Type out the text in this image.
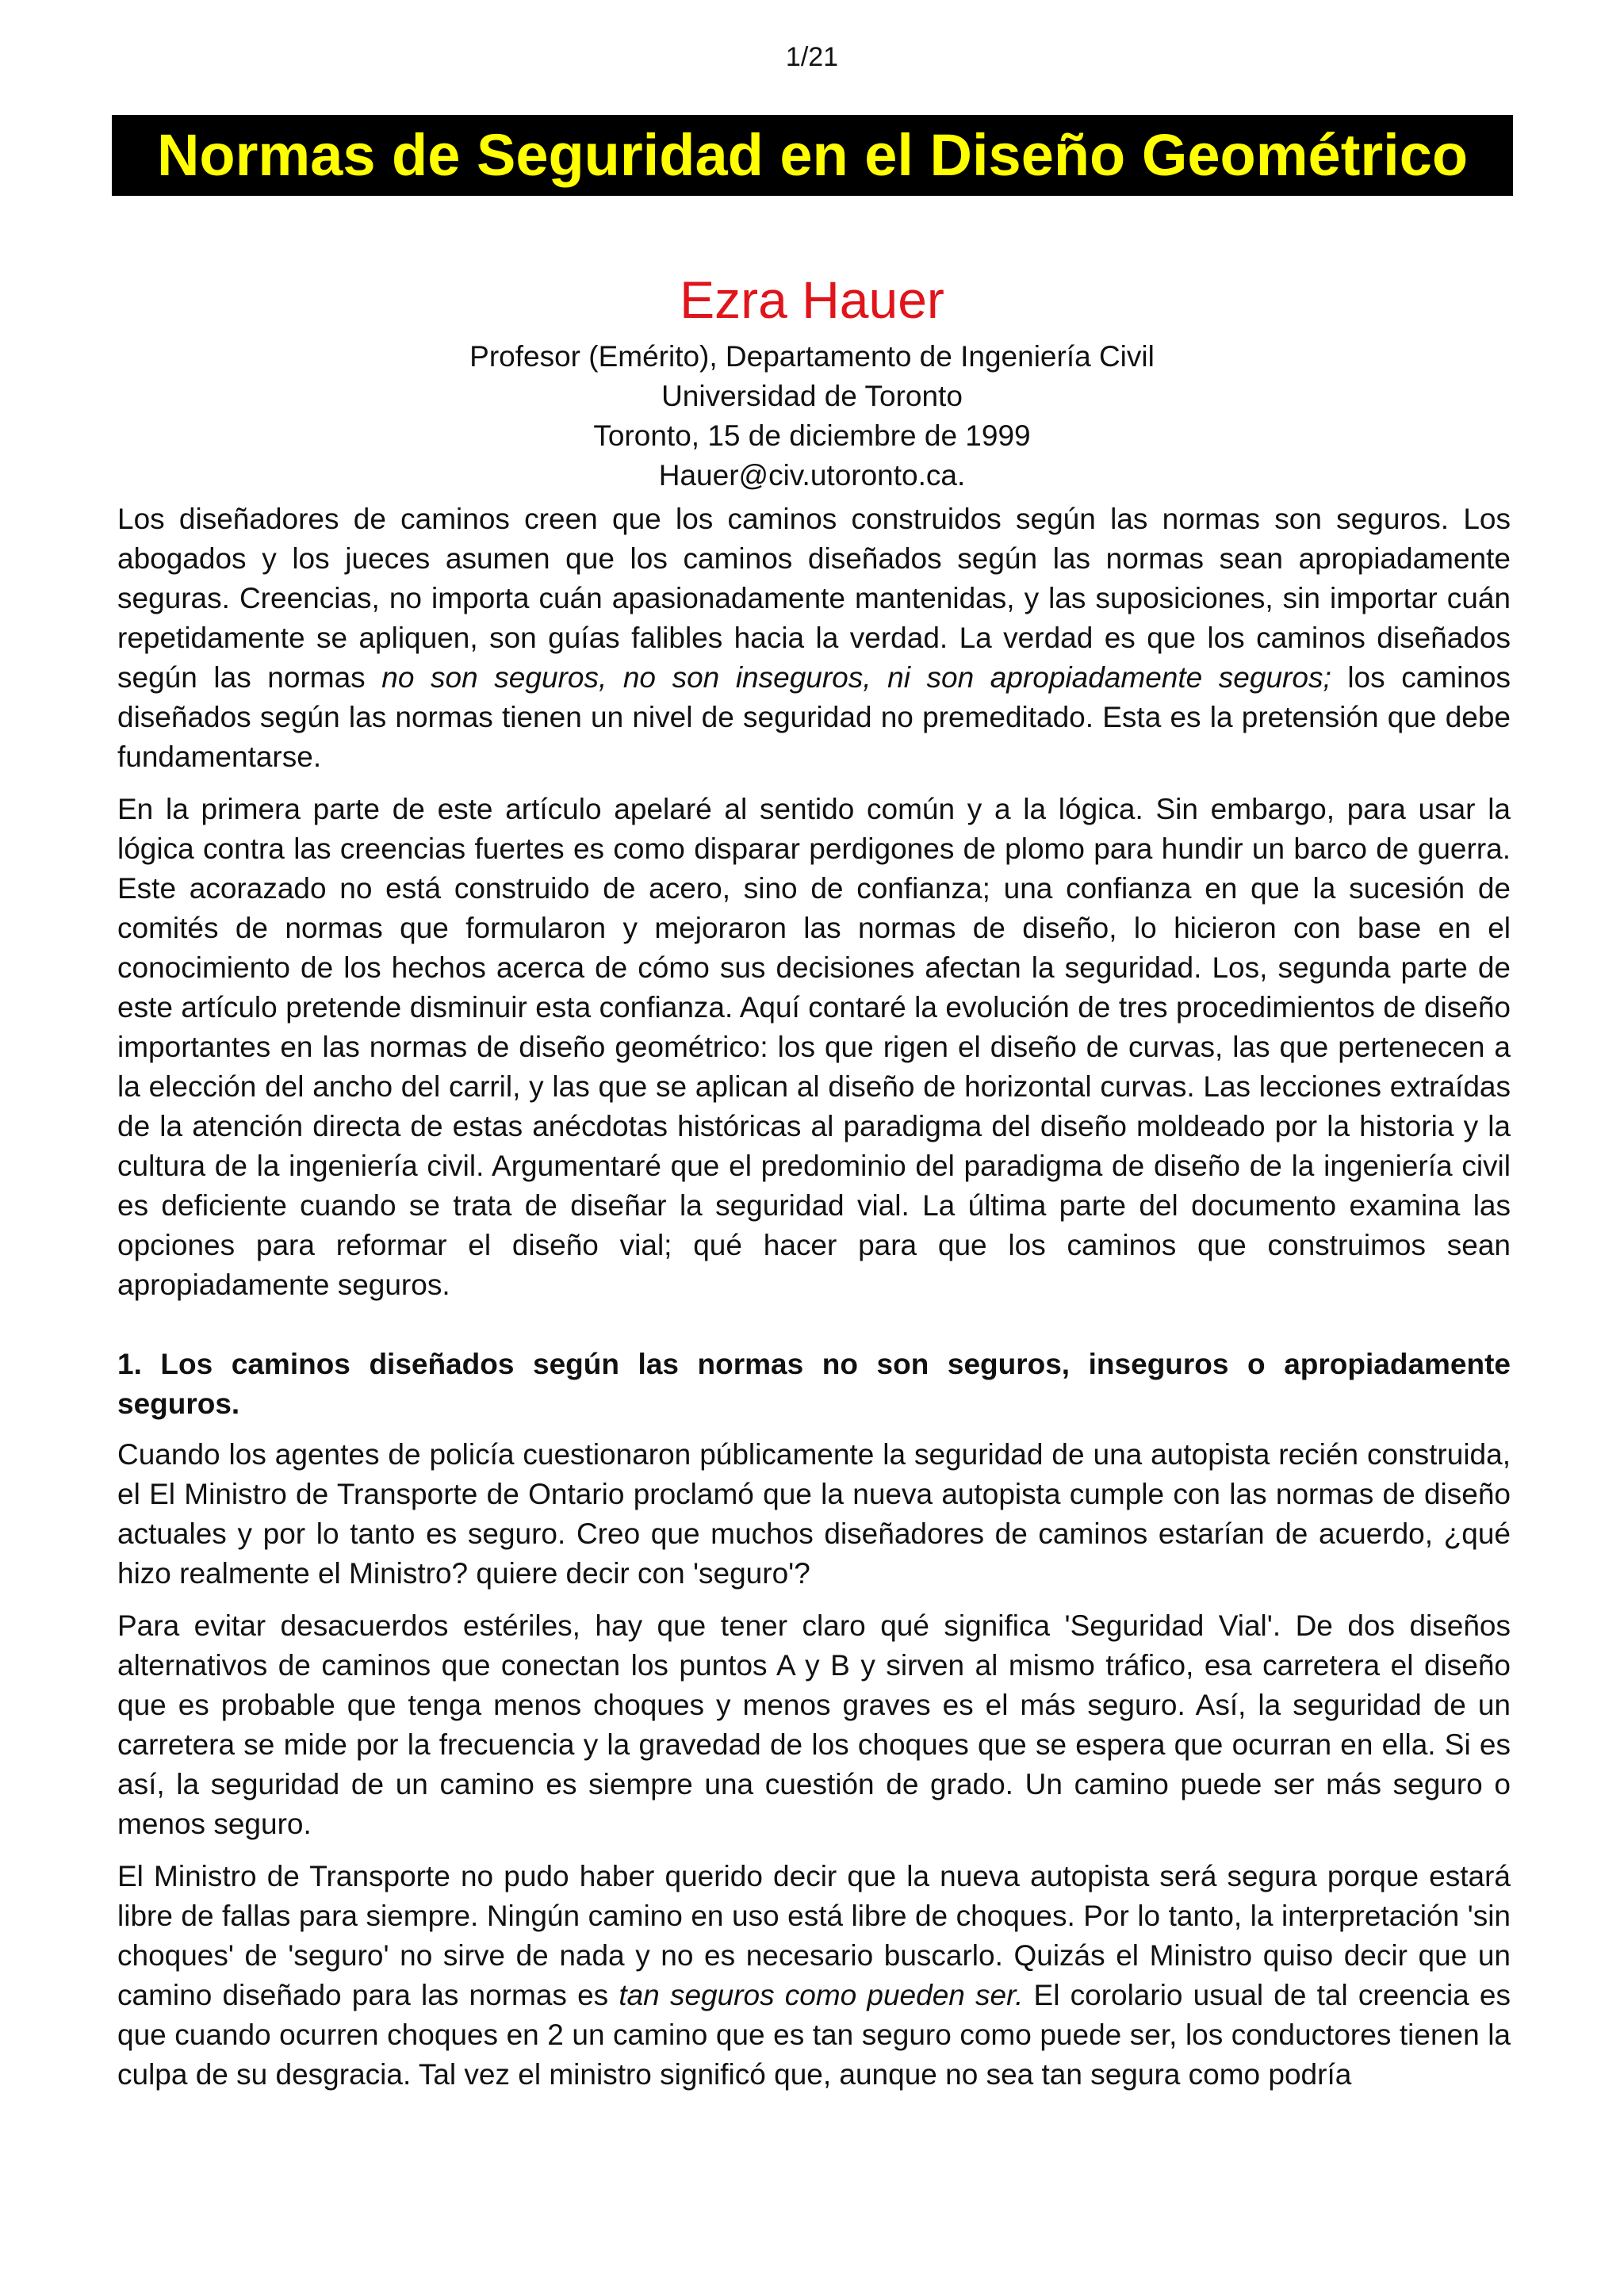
1/21
Normas de Seguridad en el Diseño Geométrico
Ezra Hauer
Profesor (Emérito), Departamento de Ingeniería Civil
Universidad de Toronto
Toronto, 15 de diciembre de 1999
Hauer@civ.utoronto.ca.

Los diseñadores de caminos creen que los caminos construidos según las normas son seguros. Los abogados y los jueces asumen que los caminos diseñados según las normas sean apropiadamente seguras. Creencias, no importa cuán apasionadamente mantenidas, y las suposiciones, sin importar cuán repetidamente se apliquen, son guías falibles hacia la verdad. La verdad es que los caminos diseñados según las normas no son seguros, no son inseguros, ni son apropiadamente seguros; los caminos diseñados según las normas tienen un nivel de seguridad no premeditado. Esta es la pretensión que debe fundamentarse.

En la primera parte de este artículo apelaré al sentido común y a la lógica. Sin embargo, para usar la lógica contra las creencias fuertes es como disparar perdigones de plomo para hundir un barco de guerra. Este acorazado no está construido de acero, sino de confianza; una confianza en que la sucesión de comités de normas que formularon y mejoraron las normas de diseño, lo hicieron con base en el conocimiento de los hechos acerca de cómo sus decisiones afectan la seguridad. Los, segunda parte de este artículo pretende disminuir esta confianza. Aquí contaré la evolución de tres procedimientos de diseño importantes en las normas de diseño geométrico: los que rigen el diseño de curvas, las que pertenecen a la elección del ancho del carril, y las que se aplican al diseño de horizontal curvas. Las lecciones extraídas de la atención directa de estas anécdotas históricas al paradigma del diseño moldeado por la historia y la cultura de la ingeniería civil. Argumentaré que el predominio del paradigma de diseño de la ingeniería civil es deficiente cuando se trata de diseñar la seguridad vial. La última parte del documento examina las opciones para reformar el diseño vial; qué hacer para que los caminos que construimos sean apropiadamente seguros.

1. Los caminos diseñados según las normas no son seguros, inseguros o apropiadamente seguros.

Cuando los agentes de policía cuestionaron públicamente la seguridad de una autopista recién construida, el El Ministro de Transporte de Ontario proclamó que la nueva autopista cumple con las normas de diseño actuales y por lo tanto es seguro. Creo que muchos diseñadores de caminos estarían de acuerdo, ¿qué hizo realmente el Ministro? quiere decir con 'seguro'?

Para evitar desacuerdos estériles, hay que tener claro qué significa 'Seguridad Vial'. De dos diseños alternativos de caminos que conectan los puntos A y B y sirven al mismo tráfico, esa carretera el diseño que es probable que tenga menos choques y menos graves es el más seguro. Así, la seguridad de un carretera se mide por la frecuencia y la gravedad de los choques que se espera que ocurran en ella. Si es así, la seguridad de un camino es siempre una cuestión de grado. Un camino puede ser más seguro o menos seguro.

El Ministro de Transporte no pudo haber querido decir que la nueva autopista será segura porque estará libre de fallas para siempre. Ningún camino en uso está libre de choques. Por lo tanto, la interpretación 'sin choques' de 'seguro' no sirve de nada y no es necesario buscarlo. Quizás el Ministro quiso decir que un camino diseñado para las normas es tan seguros como pueden ser. El corolario usual de tal creencia es que cuando ocurren choques en 2 un camino que es tan seguro como puede ser, los conductores tienen la culpa de su desgracia. Tal vez el ministro significó que, aunque no sea tan segura como podría
